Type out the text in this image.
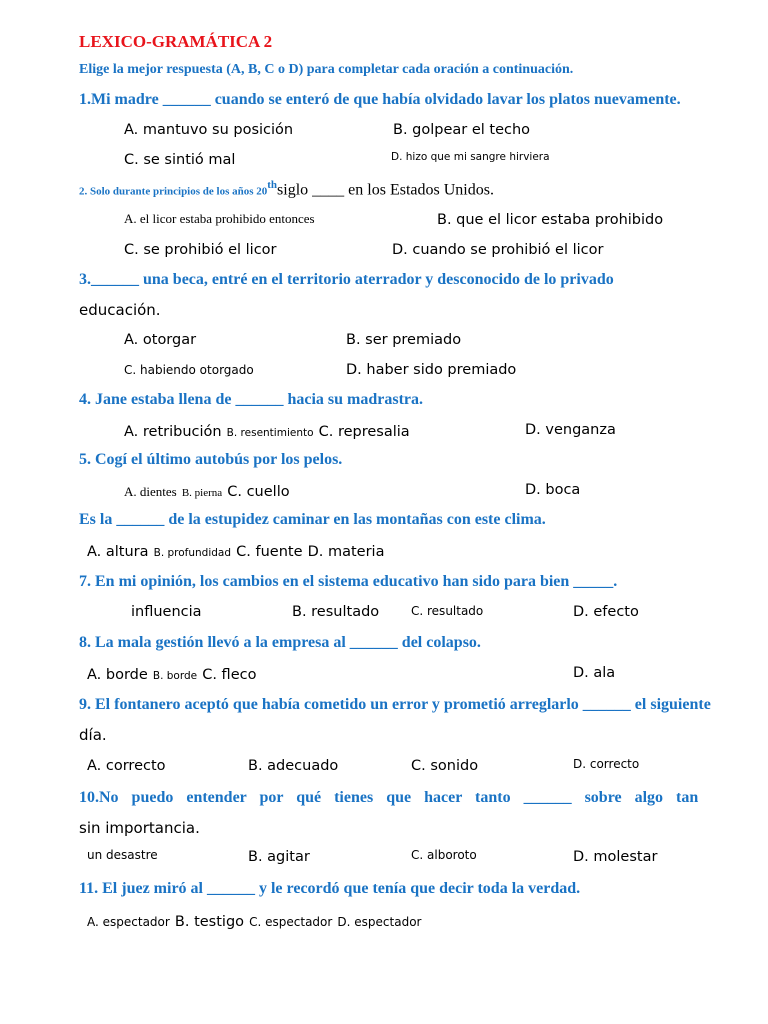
LEXICO-GRAMÁTICA 2
Elige la mejor respuesta (A, B, C o D) para completar cada oración a continuación.
1.Mi madre ______ cuando se enteró de que había olvidado lavar los platos nuevamente.
A. mantuvo su posición	B. golpear el techo
C. se sintió mal	D. hizo que mi sangre hirviera
2. Solo durante principios de los años 20thsiglo ____ en los Estados Unidos.
A. el licor estaba prohibido entonces	B. que el licor estaba prohibido
C. se prohibió el licor	D. cuando se prohibió el licor
3.______ una beca, entré en el territorio aterrador y desconocido de lo privado
educación.
A. otorgar	B. ser premiado
C. habiendo otorgado	D. haber sido premiado
4. Jane estaba llena de ______ hacia su madrastra.
A. retribución B. resentimiento C. represalia	D. venganza
5. Cogí el último autobús por los pelos.
A. dientes B. pierna C. cuello	D. boca
Es la ______ de la estupidez caminar en las montañas con este clima.
A. altura B. profundidad C. fuente D. materia
7. En mi opinión, los cambios en el sistema educativo han sido para bien _____.
influencia	B. resultado	C. resultado	D. efecto
8. La mala gestión llevó a la empresa al ______ del colapso.
A. borde B. borde C. fleco	D. ala
9. El fontanero aceptó que había cometido un error y prometió arreglarlo ______ el siguiente
día.
A. correcto	B. adecuado	C. sonido	D. correcto
10.No puedo entender por qué tienes que hacer tanto ______ sobre algo tan
sin importancia.
un desastre	B. agitar	C. alboroto	D. molestar
11. El juez miró al ______ y le recordó que tenía que decir toda la verdad.
A. espectador B. testigo C. espectador D. espectador
